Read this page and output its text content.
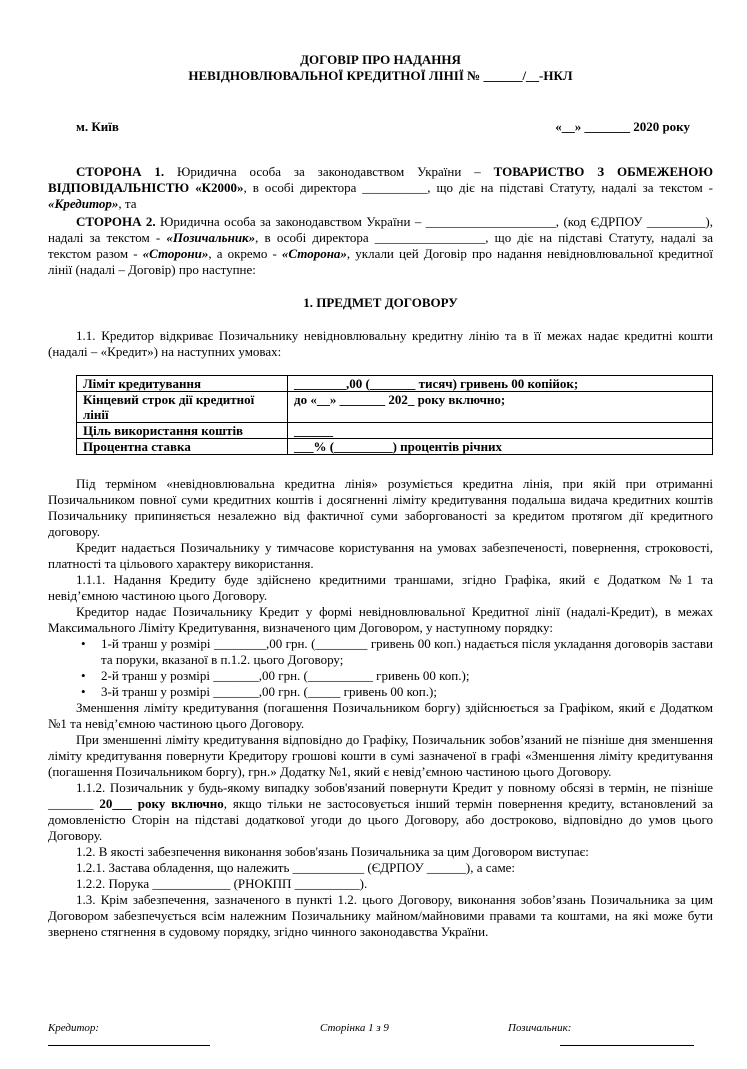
ДОГОВІР ПРО НАДАННЯ
НЕВІДНОВЛЮВАЛЬНОЇ КРЕДИТНОЇ ЛІНІЇ № ______/__-НКЛ
м. Київ	«__» _______ 2020 року

СТОРОНА 1. Юридична особа за законодавством України – ТОВАРИСТВО З ОБМЕЖЕНОЮ ВІДПОВІДАЛЬНІСТЮ «К2000», в особі директора __________, що діє на підставі Статуту, надалі за текстом - «Кредитор», та

СТОРОНА 2. Юридична особа за законодавством України – ____________________, (код ЄДРПОУ _________), надалі за текстом - «Позичальник», в особі директора _________________, що діє на підставі Статуту, надалі за текстом разом - «Сторони», а окремо - «Сторона», уклали цей Договір про надання невідновлювальної кредитної лінії (надалі – Договір) про наступне:

1. ПРЕДМЕТ ДОГОВОРУ

1.1. Кредитор відкриває Позичальнику невідновлювальну кредитну лінію та в її межах надає кредитні кошти (надалі – «Кредит») на наступних умовах:

Ліміт кредитування	________,00 (_______ тисяч) гривень 00 копійок;
Кінцевий строк дії кредитної лінії	до «__» _______ 202_ року включно;
Ціль використання коштів	______
Процентна ставка	___% (_________) процентів річних

Під терміном «невідновлювальна кредитна лінія» розуміється кредитна лінія, при якій при отриманні Позичальником повної суми кредитних коштів і досягненні ліміту кредитування подальша видача кредитних коштів Позичальнику припиняється незалежно від фактичної суми заборгованості за кредитом протягом дії кредитного договору.

Кредит надається Позичальнику у тимчасове користування на умовах забезпеченості, повернення, строковості, платності та цільового характеру використання.

1.1.1. Надання Кредиту буде здійснено кредитними траншами, згідно Графіка, який є Додатком №1 та невід’ємною частиною цього Договору.

Кредитор надає Позичальнику Кредит у формі невідновлювальної Кредитної лінії (надалі-Кредит), в межах Максимального Ліміту Кредитування, визначеного цим Договором, у наступному порядку:

• 1-й транш у розмірі ________,00 грн. (________ гривень 00 коп.) надається після укладання договорів застави та поруки, вказаної в п.1.2. цього Договору;
• 2-й транш у розмірі _______,00 грн. (__________ гривень 00 коп.);
• 3-й транш у розмірі _______,00 грн. (_____ гривень 00 коп.);

Зменшення ліміту кредитування (погашення Позичальником боргу) здійснюється за Графіком, який є Додатком №1 та невід’ємною частиною цього Договору.

При зменшенні ліміту кредитування відповідно до Графіку, Позичальник зобов’язаний не пізніше дня зменшення ліміту кредитування повернути Кредитору грошові кошти в сумі зазначеної в графі «Зменшення ліміту кредитування (погашення Позичальником боргу), грн.» Додатку №1, який є невід’ємною частиною цього Договору.

1.1.2. Позичальник у будь-якому випадку зобов'язаний повернути Кредит у повному обсязі в термін, не пізніше _______ 20___ року включно, якщо тільки не застосовується інший термін повернення кредиту, встановлений за домовленістю Сторін на підставі додаткової угоди до цього Договору, або достроково, відповідно до умов цього Договору.

1.2. В якості забезпечення виконання зобов'язань Позичальника за цим Договором виступає:

1.2.1. Застава обладення, що належить ___________ (ЄДРПОУ ______), а саме:

1.2.2. Порука ____________ (РНОКПП __________).

1.3. Крім забезпечення, зазначеного в пункті 1.2. цього Договору, виконання зобов’язань Позичальника за цим Договором забезпечується всім належним Позичальнику майном/майновими правами та коштами, на які може бути звернено стягнення в судовому порядку, згідно чинного законодавства України.

Кредитор:	Сторінка 1 з 9	Позичальник:
